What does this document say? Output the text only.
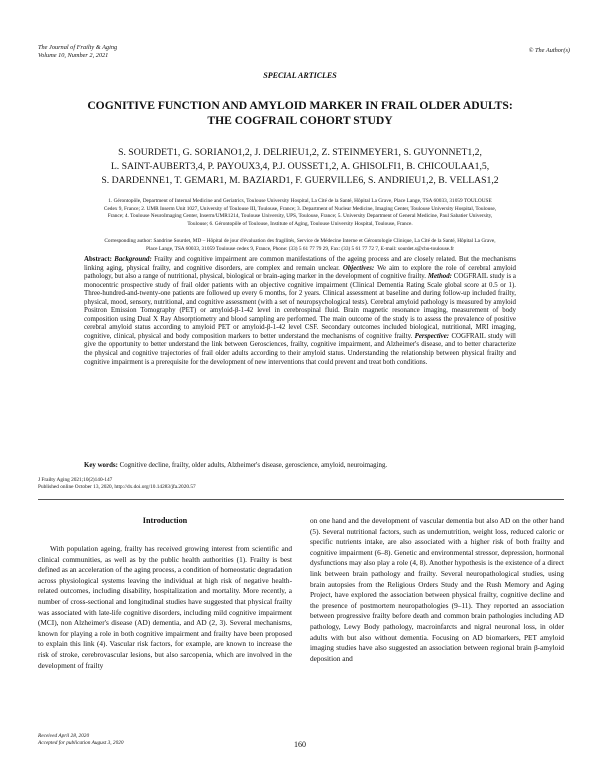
The Journal of Frailty & Aging
Volume 10, Number 2, 2021
© The Author(s)
SPECIAL ARTICLES
COGNITIVE FUNCTION AND AMYLOID MARKER IN FRAIL OLDER ADULTS:
THE COGFRAIL COHORT STUDY
S. SOURDET1, G. SORIANO1,2, J. DELRIEU1,2, Z. STEINMEYER1, S. GUYONNET1,2,
L. SAINT-AUBERT3,4, P. PAYOUX3,4, P.J. OUSSET1,2, A. GHISOLFI1, B. CHICOULAA1,5,
S. DARDENNE1, T. GEMAR1, M. BAZIARD1, F. GUERVILLE6, S. ANDRIEU1,2, B. VELLAS1,2
1. Gérontopôle, Department of Internal Medicine and Geriatrics, Toulouse University Hospital, La Cité de la Santé, Hôpital La Grave, Place Lange, TSA 60033, 31059 TOULOUSE
Cedex 9, France; 2. UMR Inserm Unit 1027, University of Toulouse III, Toulouse, France; 3. Department of Nuclear Medicine, Imaging Center, Toulouse University Hospital, Toulouse,
France; 4. Toulouse NeuroImaging Center, Inserm/UMR1214, Toulouse University, UPS, Toulouse, France; 5. University Department of General Medicine, Paul Sabatier University,
Toulouse; 6. Gérontopôle of Toulouse, Institute of Aging, Toulouse University Hospital, Toulouse, France.
Corresponding author: Sandrine Sourdet, MD – Hôpital de jour d'évaluation des fragilités, Service de Médecine Interne et Gérontologie Clinique, La Cité de la Santé, Hôpital La Grave,
Place Lange, TSA 60033, 31059 Toulouse cedex 9, France, Phone: (33) 5 61 77 79 29, Fax: (33) 5 61 77 72 7, E-mail: sourdet.s@chu-toulouse.fr
Abstract: Background: Frailty and cognitive impairment are common manifestations of the ageing process and are closely related. But the mechanisms linking aging, physical frailty, and cognitive disorders, are complex and remain unclear. Objectives: We aim to explore the role of cerebral amyloid pathology, but also a range of nutritional, physical, biological or brain-aging marker in the development of cognitive frailty. Method: COGFRAIL study is a monocentric prospective study of frail older patients with an objective cognitive impairment (Clinical Dementia Rating Scale global score at 0.5 or 1). Three-hundred-and-twenty-one patients are followed up every 6 months, for 2 years. Clinical assessment at baseline and during follow-up included frailty, physical, mood, sensory, nutritional, and cognitive assessment (with a set of neuropsychological tests). Cerebral amyloid pathology is measured by amyloid Positron Emission Tomography (PET) or amyloid-β-1-42 level in cerebrospinal fluid. Brain magnetic resonance imaging, measurement of body composition using Dual X Ray Absorptiometry and blood sampling are performed. The main outcome of the study is to assess the prevalence of positive cerebral amyloid status according to amyloid PET or amyloid-β-1-42 level CSF. Secondary outcomes included biological, nutritional, MRI imaging, cognitive, clinical, physical and body composition markers to better understand the mechanisms of cognitive frailty. Perspective: COGFRAIL study will give the opportunity to better understand the link between Gerosciences, frailty, cognitive impairment, and Alzheimer's disease, and to better characterize the physical and cognitive trajectories of frail older adults according to their amyloid status. Understanding the relationship between physical frailty and cognitive impairment is a prerequisite for the development of new interventions that could prevent and treat both conditions.
Key words: Cognitive decline, frailty, older adults, Alzheimer's disease, geroscience, amyloid, neuroimaging.
J Frailty Aging 2021;10(2)140-147
Published online October 13, 2020, http://dx.doi.org/10.14283/jfa.2020.57
Introduction

With population ageing, frailty has received growing interest from scientific and clinical communities, as well as by the public health authorities (1). Frailty is best defined as an acceleration of the aging process, a condition of homeostatic degradation across physiological systems leaving the individual at high risk of negative health-related outcomes, including disability, hospitalization and mortality. More recently, a number of cross-sectional and longitudinal studies have suggested that physical frailty was associated with late-life cognitive disorders, including mild cognitive impairment (MCI), non Alzheimer's disease (AD) dementia, and AD (2, 3). Several mechanisms, known for playing a role in both cognitive impairment and frailty have been proposed to explain this link (4). Vascular risk factors, for example, are known to increase the risk of stroke, cerebrovascular lesions, but also sarcopenia, which are involved in the development of frailty

on one hand and the development of vascular dementia but also AD on the other hand (5). Several nutritional factors, such as undernutrition, weight loss, reduced caloric or specific nutrients intake, are also associated with a higher risk of both frailty and cognitive impairment (6–8). Genetic and environmental stressor, depression, hormonal dysfunctions may also play a role (4, 8). Another hypothesis is the existence of a direct link between brain pathology and frailty. Several neuropathological studies, using brain autopsies from the Religious Orders Study and the Rush Memory and Aging Project, have explored the association between physical frailty, cognitive decline and the presence of postmortem neuropathologies (9–11). They reported an association between progressive frailty before death and common brain pathologies including AD pathology, Lewy Body pathology, macroinfarcts and nigral neuronal loss, in older adults with but also without dementia. Focusing on AD biomarkers, PET amyloid imaging studies have also suggested an association between regional brain β-amyloid deposition and

Received April 28, 2020
Accepted for publication August 3, 2020	160
